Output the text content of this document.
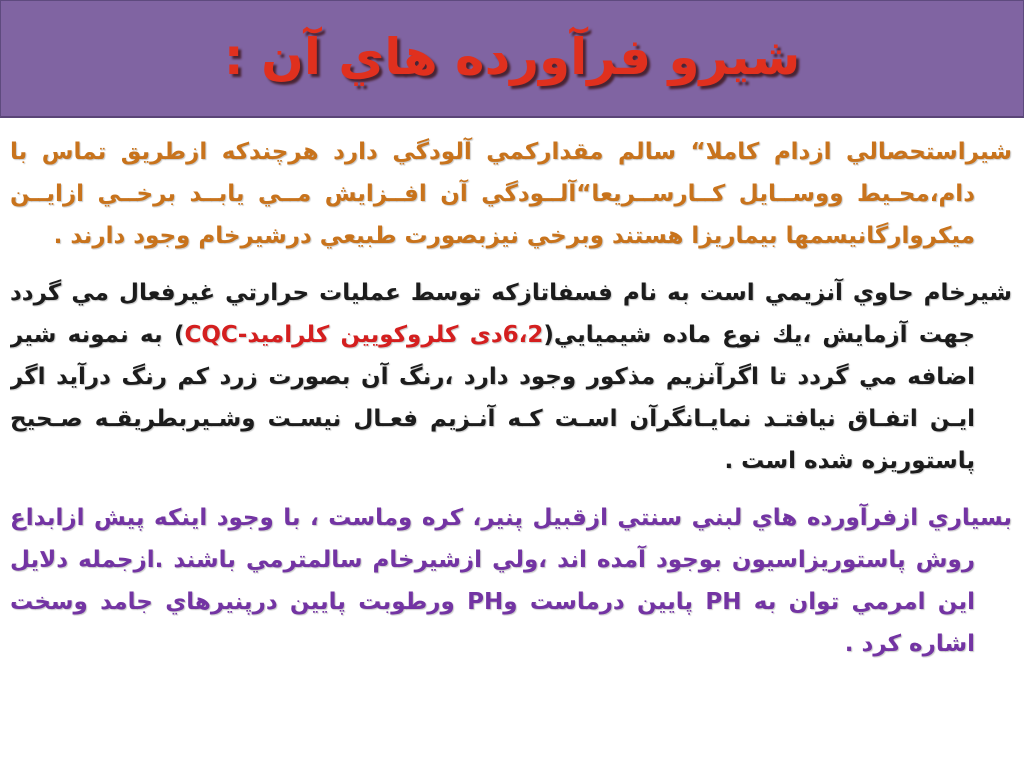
شيرو فرآورده هاي آن :
شيراستحصالي ازدام کاملا“ سالم مقدارکمي آلودگي دارد هرچندکه ازطريق تماس با
دام،محـيط ووســايل کــارســريعا“آلــودگي آن افــزايش مــي يابــد برخــي ازايــن
ميکروارگانيسمها بيماريزا هستند وبرخي نيزبصورت طبيعي درشيرخام وجود دارند .
شيرخام حاوي آنزيمي است به نام فسفاتازکه توسط عمليات حرارتي غيرفعال مي گردد
جهت آزمايش ،يك نوع ماده شيميايي(6،2دی کلروکويين کلراميد-CQC) به نمونه شير
اضافه مي گردد تا اگرآنزيم مذکور وجود دارد ،رنگ آن بصورت زرد کم رنگ درآيد اگر
ايـن اتفـاق نيافتـد نمايـانگرآن اسـت کـه آنـزيم فعـال نيسـت وشـيربطريقـه صـحيح
پاستوريزه شده است .
بسياري ازفرآورده هاي لبني سنتي ازقبيل پنير، کره وماست ، با وجود اينکه پيش ازابداع
روش پاستوريزاسيون بوجود آمده اند ،ولي ازشيرخام سالمترمي باشند .ازجمله دلايل
اين امرمي توان به PH پايين درماست وPH ورطوبت پايين درپنيرهاي جامد وسخت
اشاره کرد .
